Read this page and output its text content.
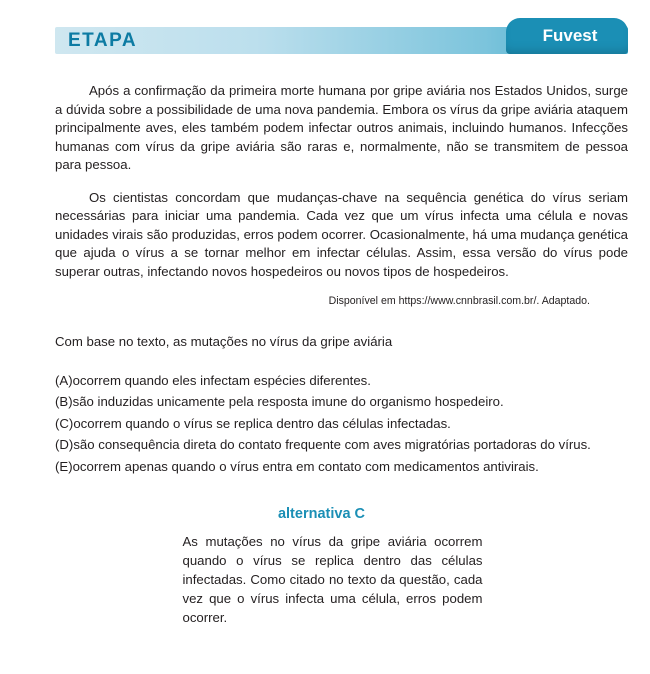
ETAPA	Fuvest

Após a confirmação da primeira morte humana por gripe aviária nos Estados Unidos, surge a dúvida sobre a possibilidade de uma nova pandemia. Embora os vírus da gripe aviária ataquem principalmente aves, eles também podem infectar outros animais, incluindo humanos. Infecções humanas com vírus da gripe aviária são raras e, normalmente, não se transmitem de pessoa para pessoa.

Os cientistas concordam que mudanças-chave na sequência genética do vírus seriam necessárias para iniciar uma pandemia. Cada vez que um vírus infecta uma célula e novas unidades virais são produzidas, erros podem ocorrer. Ocasionalmente, há uma mudança genética que ajuda o vírus a se tornar melhor em infectar células. Assim, essa versão do vírus pode superar outras, infectando novos hospedeiros ou novos tipos de hospedeiros.

Disponível em https://www.cnnbrasil.com.br/. Adaptado.

Com base no texto, as mutações no vírus da gripe aviária

(A) ocorrem quando eles infectam espécies diferentes.
(B) são induzidas unicamente pela resposta imune do organismo hospedeiro.
(C) ocorrem quando o vírus se replica dentro das células infectadas.
(D) são consequência direta do contato frequente com aves migratórias portadoras do vírus.
(E) ocorrem apenas quando o vírus entra em contato com medicamentos antivirais.
alternativa C
As mutações no vírus da gripe aviária ocorrem quando o vírus se replica dentro das células infectadas. Como citado no texto da questão, cada vez que o vírus infecta uma célula, erros podem ocorrer.
